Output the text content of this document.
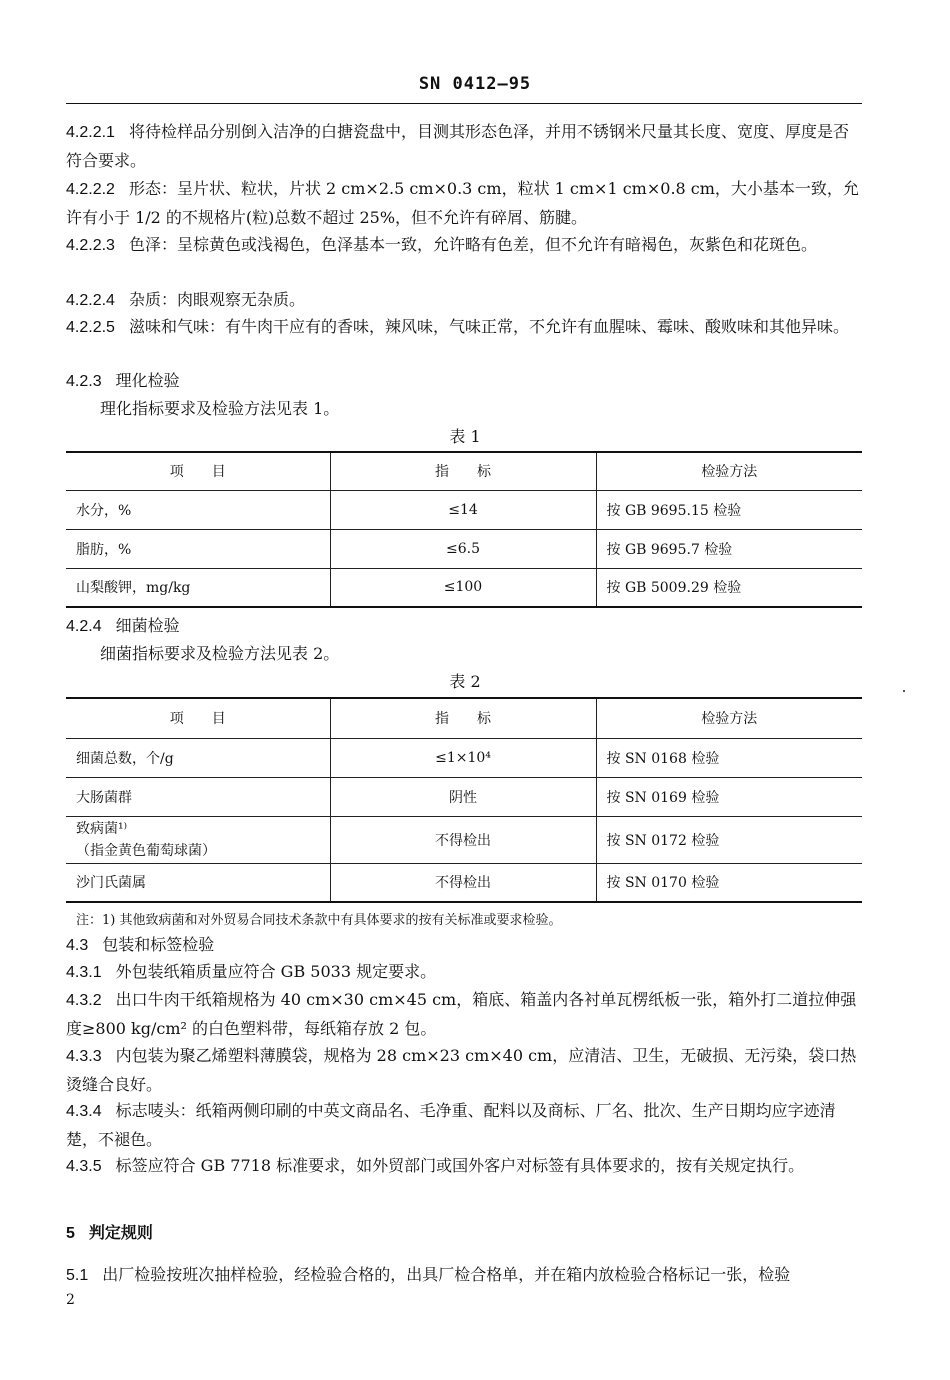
SN 0412—95

4.2.2.1 将待检样品分别倒入洁净的白搪瓷盘中，目测其形态色泽，并用不锈钢米尺量其长度、宽度、厚度是否符合要求。

4.2.2.2 形态：呈片状、粒状，片状 2 cm×2.5 cm×0.3 cm，粒状 1 cm×1 cm×0.8 cm，大小基本一致，允许有小于 1/2 的不规格片(粒)总数不超过 25%，但不允许有碎屑、筋腱。

4.2.2.3 色泽：呈棕黄色或浅褐色，色泽基本一致，允许略有色差，但不允许有暗褐色，灰紫色和花斑色。

4.2.2.4 杂质：肉眼观察无杂质。

4.2.2.5 滋味和气味：有牛肉干应有的香味，辣风味，气味正常，不允许有血腥味、霉味、酸败味和其他异味。

4.2.3 理化检验

理化指标要求及检验方法见表 1。

表 1
项　　目	指　　标	检验方法
水分，%	≤14	按 GB 9695.15 检验
脂肪，%	≤6.5	按 GB 9695.7 检验
山梨酸钾，mg/kg	≤100	按 GB 5009.29 检验

4.2.4 细菌检验

细菌指标要求及检验方法见表 2。

表 2
项　　目	指　　标	检验方法
细菌总数，个/g	≤1×10⁴	按 SN 0168 检验
大肠菌群	阴性	按 SN 0169 检验

致病菌¹⁾
（指金黄色葡萄球菌）	不得检出	按 SN 0172 检验
沙门氏菌属	不得检出	按 SN 0170 检验
注：1) 其他致病菌和对外贸易合同技术条款中有具体要求的按有关标准或要求检验。

4.3 包装和标签检验

4.3.1 外包装纸箱质量应符合 GB 5033 规定要求。

4.3.2 出口牛肉干纸箱规格为 40 cm×30 cm×45 cm，箱底、箱盖内各衬单瓦楞纸板一张，箱外打二道拉伸强度≥800 kg/cm² 的白色塑料带，每纸箱存放 2 包。

4.3.3 内包装为聚乙烯塑料薄膜袋，规格为 28 cm×23 cm×40 cm，应清洁、卫生，无破损、无污染，袋口热烫缝合良好。

4.3.4 标志唛头：纸箱两侧印刷的中英文商品名、毛净重、配料以及商标、厂名、批次、生产日期均应字迹清楚，不褪色。

4.3.5 标签应符合 GB 7718 标准要求，如外贸部门或国外客户对标签有具体要求的，按有关规定执行。

5 判定规则

5.1 出厂检验按班次抽样检验，经检验合格的，出具厂检合格单，并在箱内放检验合格标记一张，检验

2
